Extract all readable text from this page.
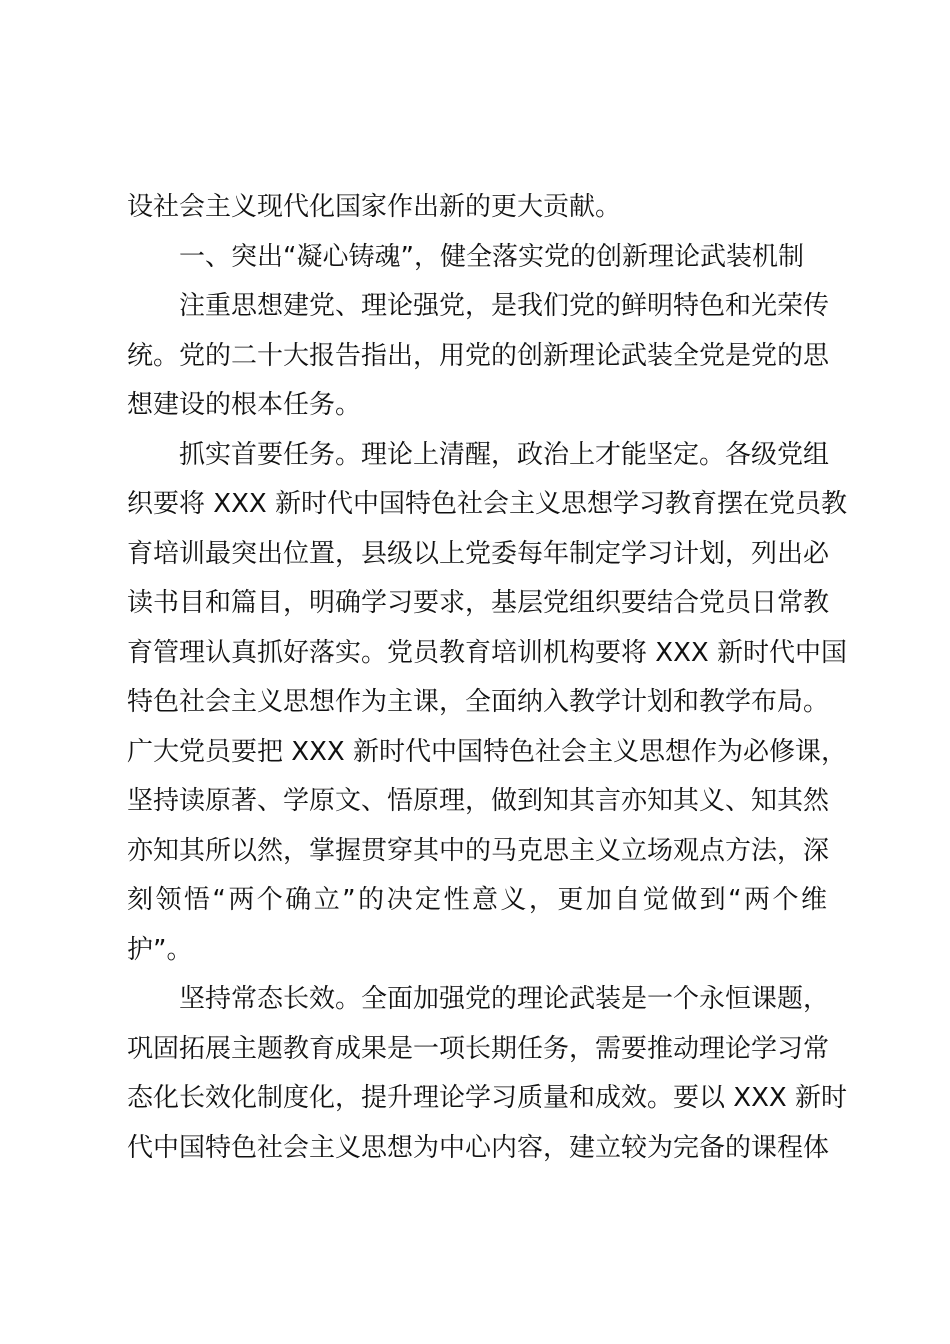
设社会主义现代化国家作出新的更大贡献。
一、突出“凝心铸魂”，健全落实党的创新理论武装机制
注重思想建党、理论强党，是我们党的鲜明特色和光荣传
统。党的二十大报告指出，用党的创新理论武装全党是党的思
想建设的根本任务。
抓实首要任务。理论上清醒，政治上才能坚定。各级党组
织要将 XXX 新时代中国特色社会主义思想学习教育摆在党员教
育培训最突出位置，县级以上党委每年制定学习计划，列出必
读书目和篇目，明确学习要求，基层党组织要结合党员日常教
育管理认真抓好落实。党员教育培训机构要将 XXX 新时代中国
特色社会主义思想作为主课，全面纳入教学计划和教学布局。
广大党员要把 XXX 新时代中国特色社会主义思想作为必修课，
坚持读原著、学原文、悟原理，做到知其言亦知其义、知其然
亦知其所以然，掌握贯穿其中的马克思主义立场观点方法，深
刻领悟“两个确立”的决定性意义，更加自觉做到“两个维
护”。
坚持常态长效。全面加强党的理论武装是一个永恒课题，
巩固拓展主题教育成果是一项长期任务，需要推动理论学习常
态化长效化制度化，提升理论学习质量和成效。要以 XXX 新时
代中国特色社会主义思想为中心内容，建立较为完备的课程体
